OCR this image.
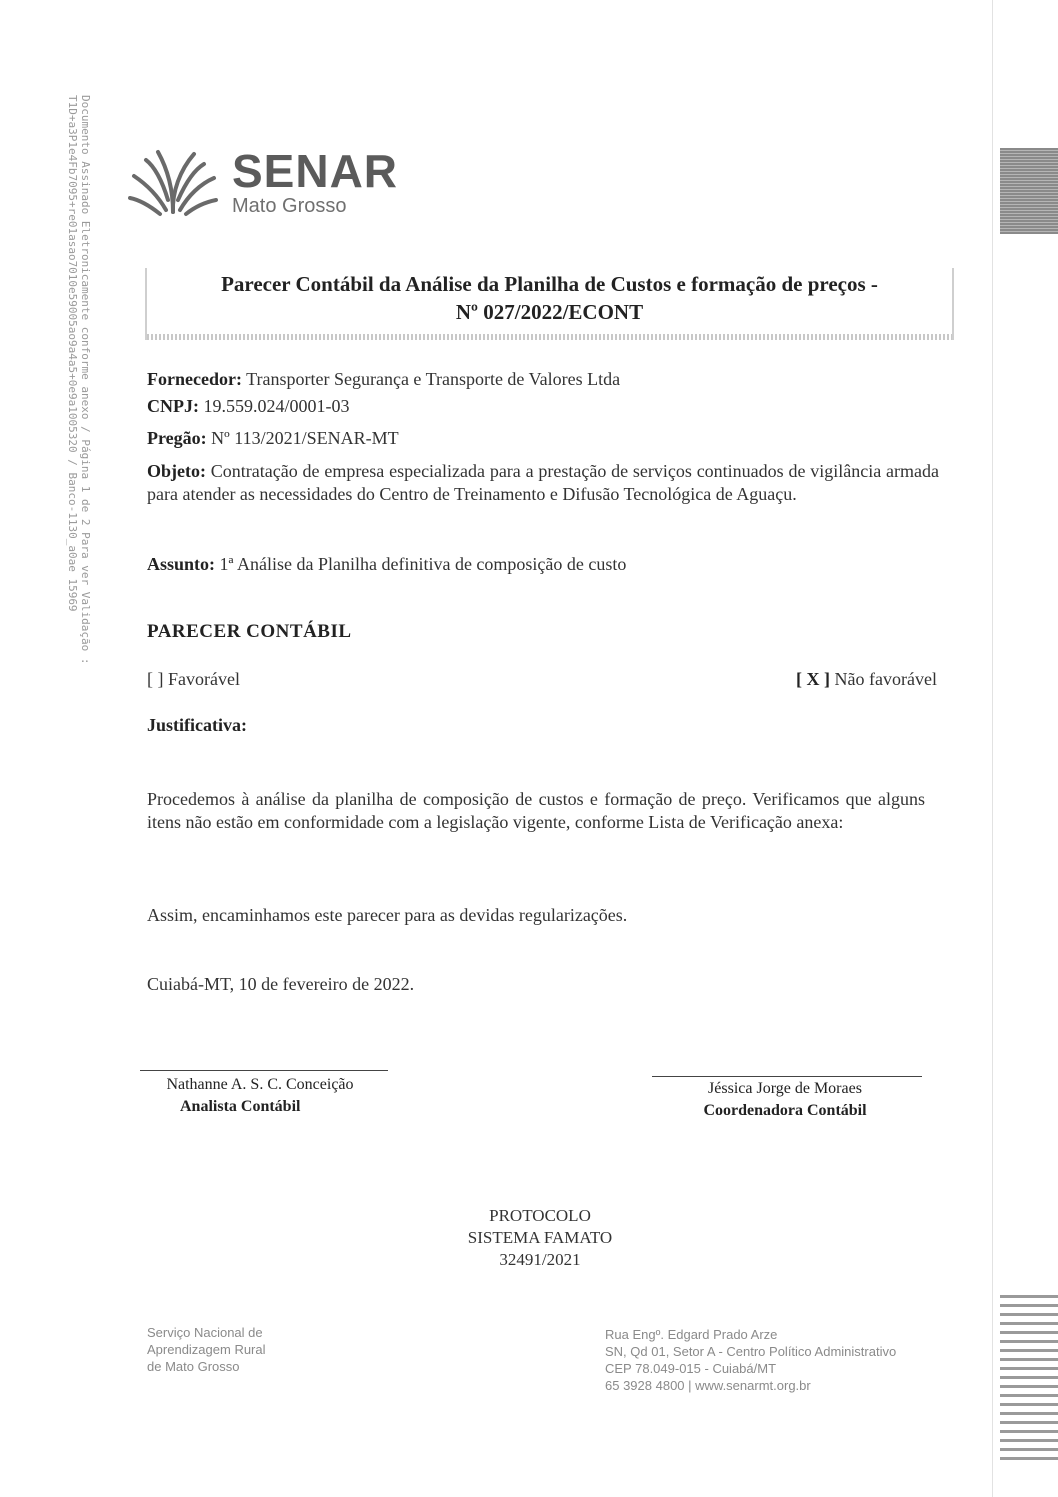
Documento Assinado Eletronicamente conforme anexo / Página 1 de 2 Para ver Validação : T1D+a3P1e4Fb7095+re01asao7010e59005ao9a4a5+0e9a1005320 / Banco-1130_a0ae 15969	SENAR
Mato Grosso
Parecer Contábil da Análise da Planilha de Custos e formação de preços -
Nº 027/2022/ECONT
Fornecedor: Transporter Segurança e Transporte de Valores Ltda
CNPJ: 19.559.024/0001-03
Pregão: Nº 113/2021/SENAR-MT
Objeto: Contratação de empresa especializada para a prestação de serviços continuados de vigilância armada para atender as necessidades do Centro de Treinamento e Difusão Tecnológica de Aguaçu.
Assunto: 1ª Análise da Planilha definitiva de composição de custo
PARECER CONTÁBIL
[ ] Favorável	[ X ] Não favorável
Justificativa:
Procedemos à análise da planilha de composição de custos e formação de preço. Verificamos que alguns itens não estão em conformidade com a legislação vigente, conforme Lista de Verificação anexa:
Assim, encaminhamos este parecer para as devidas regularizações.
Cuiabá-MT, 10 de fevereiro de 2022.
Nathanne A. S. C. Conceição
Analista Contábil
Jéssica Jorge de Moraes
Coordenadora Contábil
PROTOCOLO
SISTEMA FAMATO
32491/2021
Serviço Nacional de
Aprendizagem Rural
de Mato Grosso
Rua Engº. Edgard Prado Arze
SN, Qd 01, Setor A - Centro Político Administrativo
CEP 78.049-015 - Cuiabá/MT
65 3928 4800 | www.senarmt.org.br
